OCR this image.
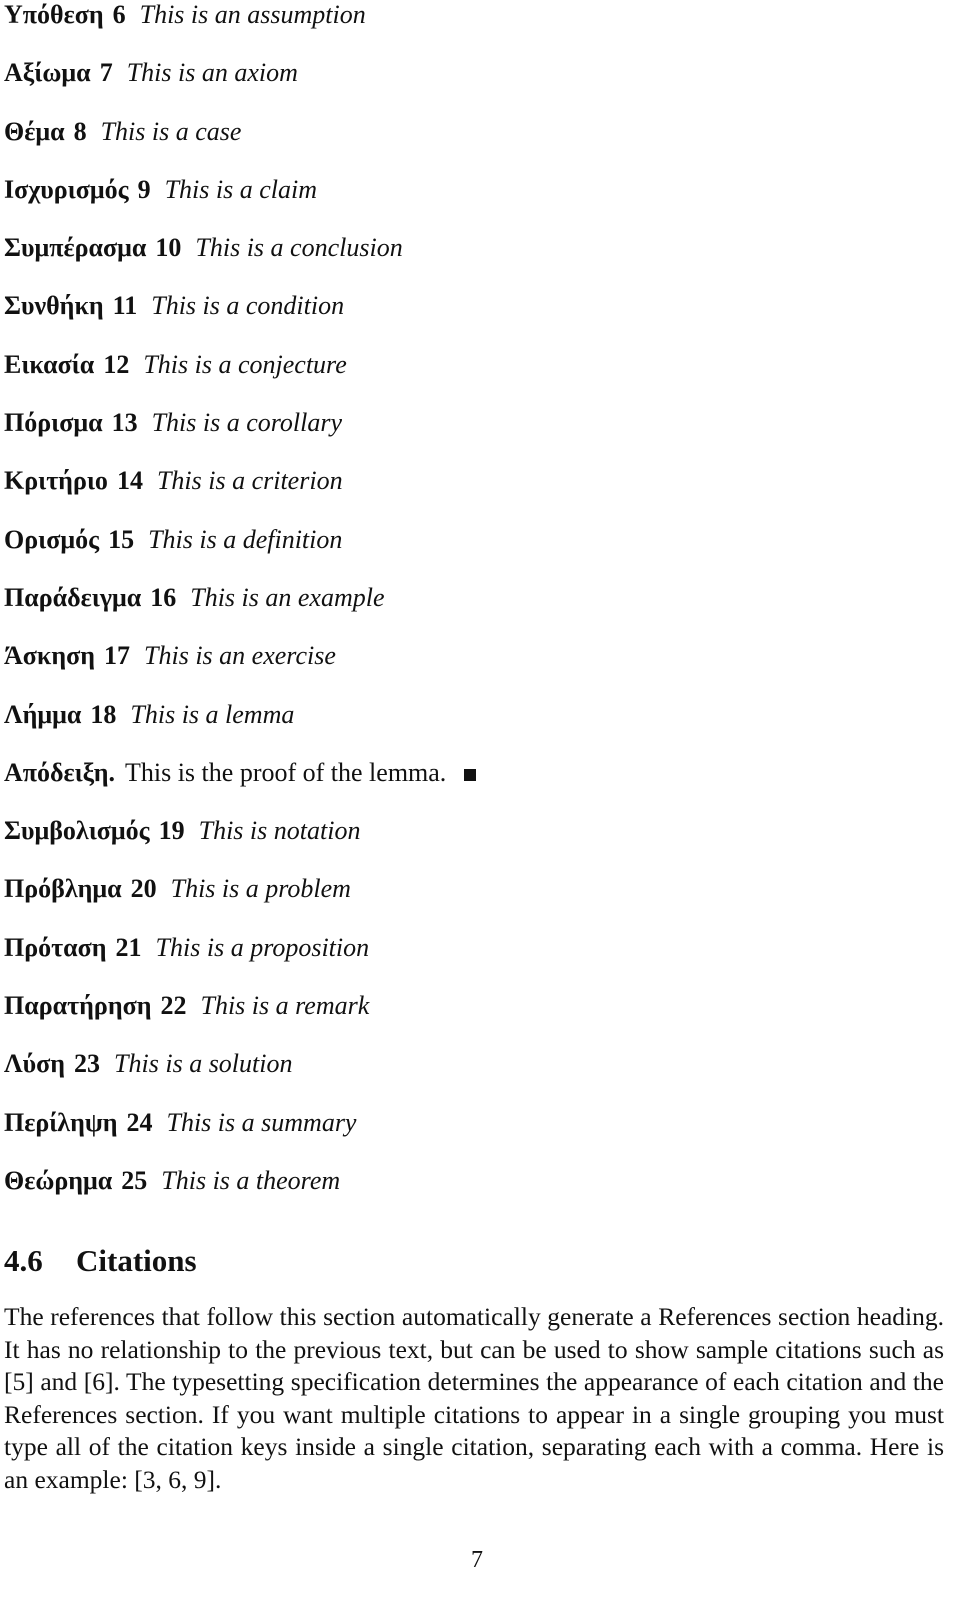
Υπόθεση 6 This is an assumption
Αξίωμα 7 This is an axiom
Θέμα 8 This is a case
Ισχυρισμός 9 This is a claim
Συμπέρασμα 10 This is a conclusion
Συνθήκη 11 This is a condition
Εικασία 12 This is a conjecture
Πόρισμα 13 This is a corollary
Κριτήριο 14 This is a criterion
Ορισμός 15 This is a definition
Παράδειγμα 16 This is an example
Άσκηση 17 This is an exercise
Λήμμα 18 This is a lemma
Απόδειξη. This is the proof of the lemma.
Συμβολισμός 19 This is notation
Πρόβλημα 20 This is a problem
Πρόταση 21 This is a proposition
Παρατήρηση 22 This is a remark
Λύση 23 This is a solution
Περίληψη 24 This is a summary
Θεώρημα 25 This is a theorem
4.6 Citations
The references that follow this section automatically generate a References section heading. It has no relationship to the previous text, but can be used to show sample citations such as [5] and [6]. The typesetting specification determines the appearance of each citation and the References section. If you want multiple citations to appear in a single grouping you must type all of the citation keys inside a single citation, separating each with a comma. Here is an example: [3, 6, 9].
7
